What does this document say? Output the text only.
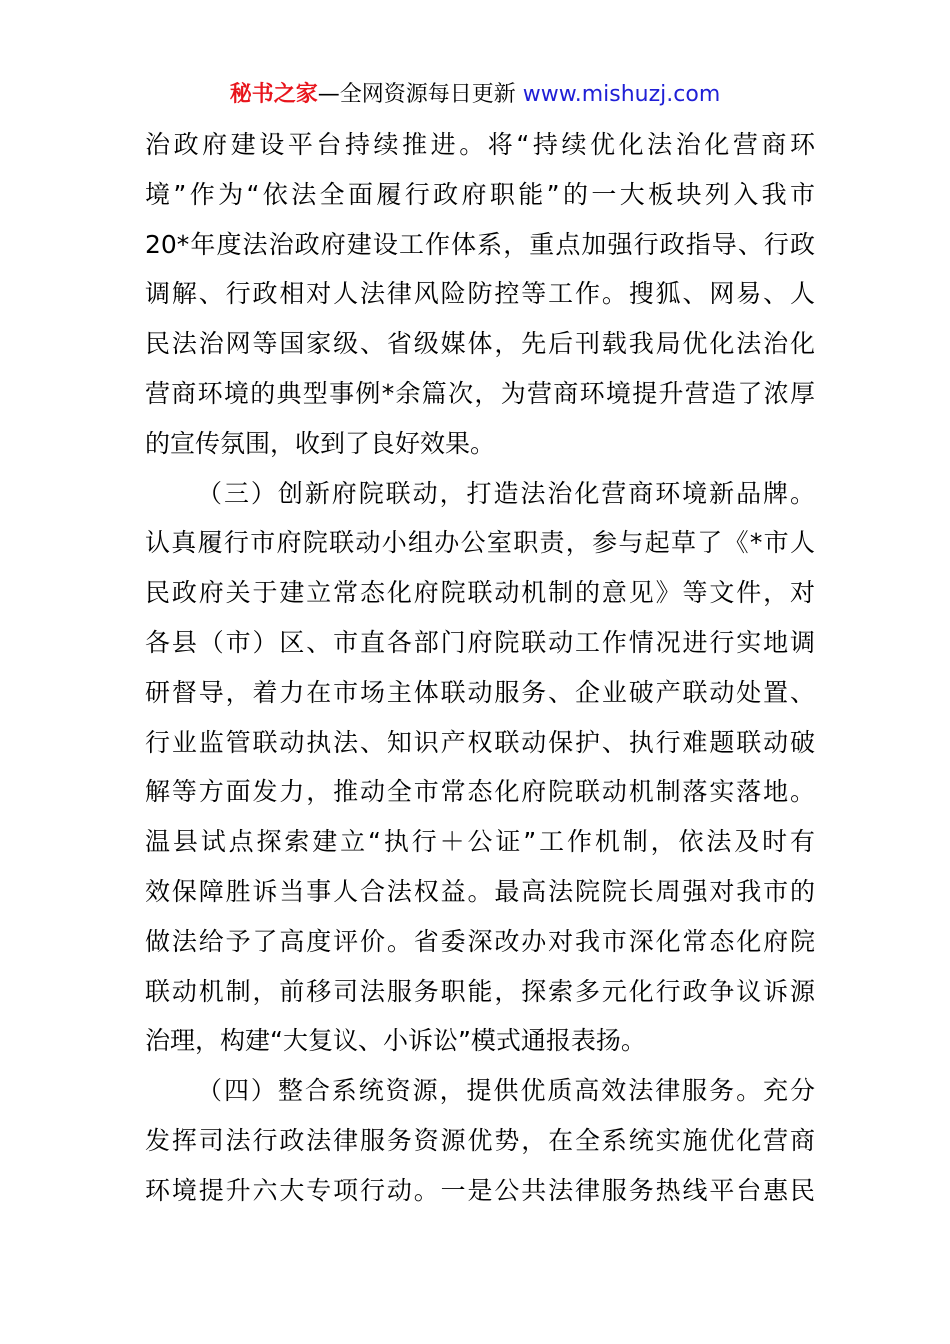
秘书之家—全网资源每日更新 www.mishuzj.com
治政府建设平台持续推进。将“持续优化法治化营商环
境”作为“依法全面履行政府职能”的一大板块列入我市
20*年度法治政府建设工作体系，重点加强行政指导、行政
调解、行政相对人法律风险防控等工作。搜狐、网易、人
民法治网等国家级、省级媒体，先后刊载我局优化法治化
营商环境的典型事例*余篇次，为营商环境提升营造了浓厚
的宣传氛围，收到了良好效果。
（三）创新府院联动，打造法治化营商环境新品牌。
认真履行市府院联动小组办公室职责，参与起草了《*市人
民政府关于建立常态化府院联动机制的意见》等文件，对
各县（市）区、市直各部门府院联动工作情况进行实地调
研督导，着力在市场主体联动服务、企业破产联动处置、
行业监管联动执法、知识产权联动保护、执行难题联动破
解等方面发力，推动全市常态化府院联动机制落实落地。
温县试点探索建立“执行＋公证”工作机制，依法及时有
效保障胜诉当事人合法权益。最高法院院长周强对我市的
做法给予了高度评价。省委深改办对我市深化常态化府院
联动机制，前移司法服务职能，探索多元化行政争议诉源
治理，构建“大复议、小诉讼”模式通报表扬。
（四）整合系统资源，提供优质高效法律服务。充分
发挥司法行政法律服务资源优势，在全系统实施优化营商
环境提升六大专项行动。一是公共法律服务热线平台惠民
